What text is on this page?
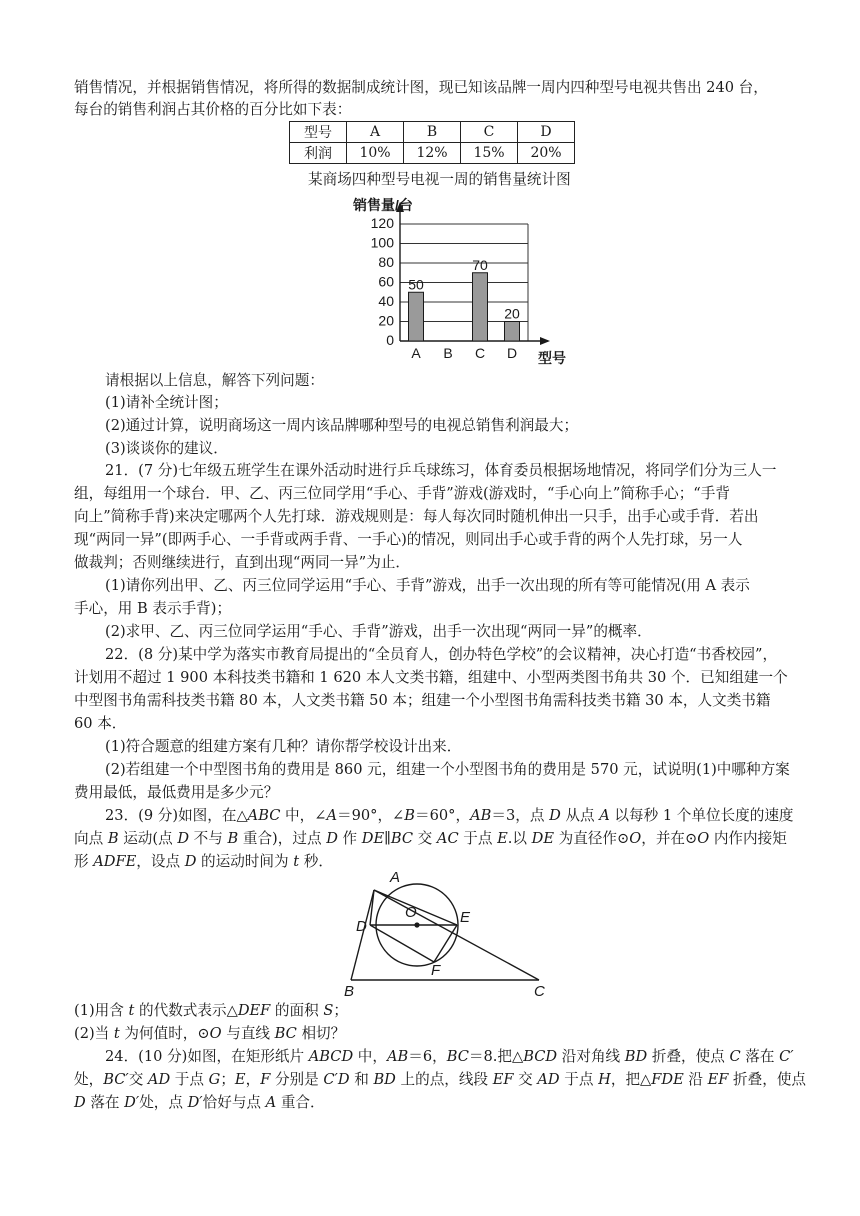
销售情况，并根据销售情况，将所得的数据制成统计图，现已知该品牌一周内四种型号电视共售出 240 台，
每台的销售利润占其价格的百分比如下表：
型号	A	B	C	D
利润	10%	12%	15%	20%
某商场四种型号电视一周的销售量统计图
0
20
40
60
80
100
120
销售量/台
型号
50
A B
70
C
20
D
请根据以上信息，解答下列问题：
(1)请补全统计图；
(2)通过计算，说明商场这一周内该品牌哪种型号的电视总销售利润最大；
(3)谈谈你的建议．
21．(7 分)七年级五班学生在课外活动时进行乒乓球练习，体育委员根据场地情况，将同学们分为三人一
组，每组用一个球台．甲、乙、丙三位同学用“手心、手背”游戏(游戏时，“手心向上”简称手心；“手背
向上”简称手背)来决定哪两个人先打球．游戏规则是：每人每次同时随机伸出一只手，出手心或手背．若出
现“两同一异”(即两手心、一手背或两手背、一手心)的情况，则同出手心或手背的两个人先打球，另一人
做裁判；否则继续进行，直到出现“两同一异”为止．
(1)请你列出甲、乙、丙三位同学运用“手心、手背”游戏，出手一次出现的所有等可能情况(用 A 表示
手心，用 B 表示手背)；
(2)求甲、乙、丙三位同学运用“手心、手背”游戏，出手一次出现“两同一异”的概率．
22．(8 分)某中学为落实市教育局提出的“全员育人，创办特色学校”的会议精神，决心打造“书香校园”，
计划用不超过 1 900 本科技类书籍和 1 620 本人文类书籍，组建中、小型两类图书角共 30 个．已知组建一个
中型图书角需科技类书籍 80 本，人文类书籍 50 本；组建一个小型图书角需科技类书籍 30 本，人文类书籍
60 本．
(1)符合题意的组建方案有几种？请你帮学校设计出来．
(2)若组建一个中型图书角的费用是 860 元，组建一个小型图书角的费用是 570 元，试说明(1)中哪种方案
费用最低，最低费用是多少元？
23．(9 分)如图，在△ABC 中，∠A＝90°，∠B＝60°，AB＝3，点 D 从点 A 以每秒 1 个单位长度的速度
向点 B 运动(点 D 不与 B 重合)，过点 D 作 DE∥BC 交 AC 于点 E.以 DE 为直径作⊙O，并在⊙O 内作内接矩
形 ADFE，设点 D 的运动时间为 t 秒．
A
O
D
E
F
B	C
(1)用含 t 的代数式表示△DEF 的面积 S；
(2)当 t 为何值时，⊙O 与直线 BC 相切？
24．(10 分)如图，在矩形纸片 ABCD 中，AB＝6，BC＝8.把△BCD 沿对角线 BD 折叠，使点 C 落在 C′
处，BC′交 AD 于点 G；E，F 分别是 C′D 和 BD 上的点，线段 EF 交 AD 于点 H，把△FDE 沿 EF 折叠，使点
D 落在 D′处，点 D′恰好与点 A 重合．
